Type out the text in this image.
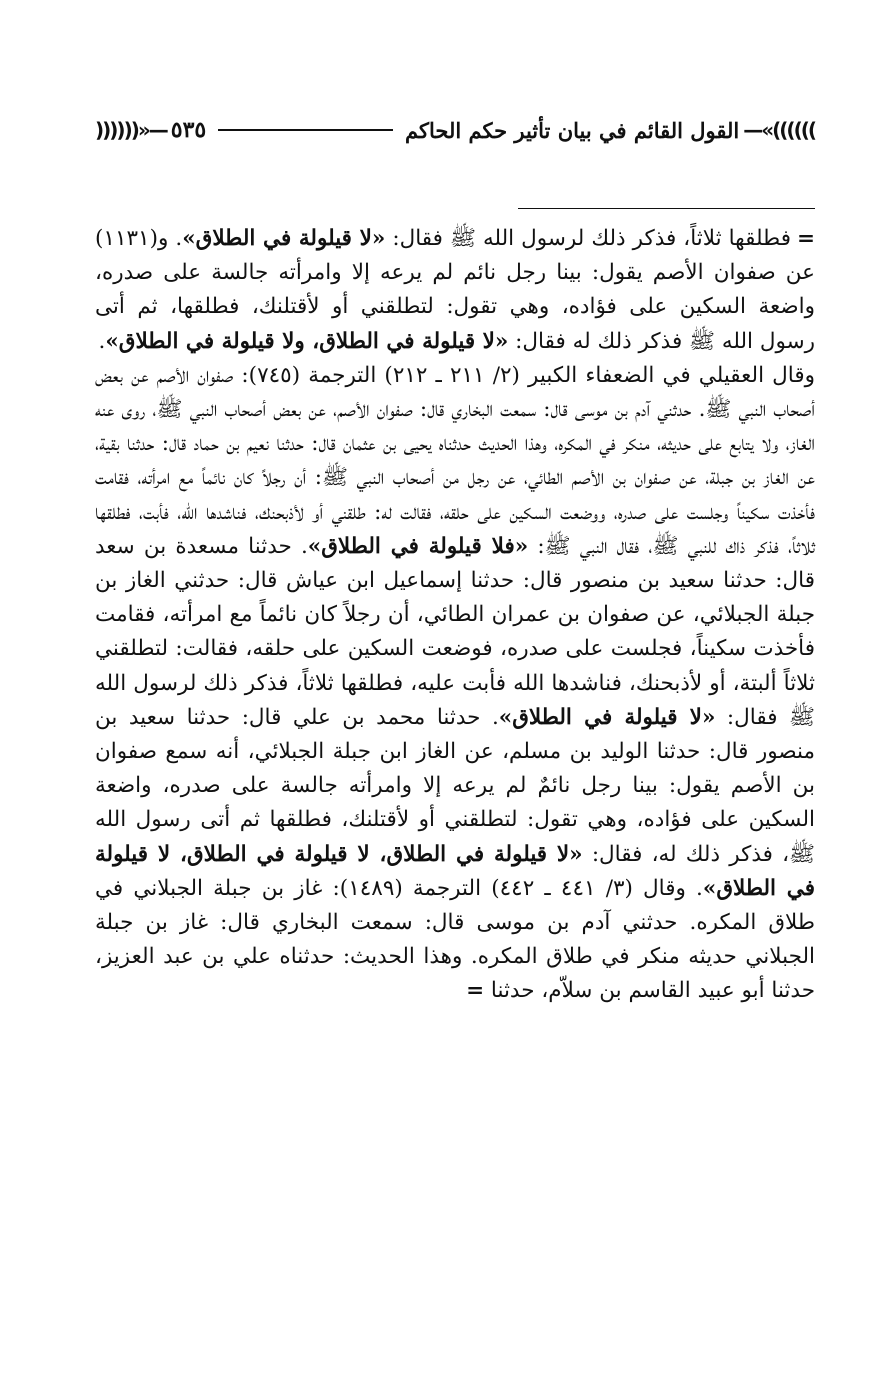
))))))»—
القول القائم في بيان تأثير حكم الحاكم
٥٣٥
—«((((((

=فطلقها ثلاثاً، فذكر ذلك لرسول الله ﷺ فقال: «لا قيلولة في الطلاق». و(١١٣١) عن صفوان الأصم يقول: بينا رجل نائم لم يرعه إلا وامرأته جالسة على صدره، واضعة السكين على فؤاده، وهي تقول: لتطلقني أو لأقتلنك، فطلقها، ثم أتى رسول الله ﷺ فذكر ذلك له فقال: «لا قيلولة في الطلاق، ولا قيلولة في الطلاق».

وقال العقيلي في الضعفاء الكبير (٢/ ٢١١ ـ ٢١٢) الترجمة (٧٤٥): صفوان الأصم عن بعض أصحاب النبي ﷺ. حدثني آدم بن موسى قال: سمعت البخاري قال: صفوان الأصم، عن بعض أصحاب النبي ﷺ، روى عنه الغاز، ولا يتابع على حديثه، منكر في المكره، وهذا الحديث حدثناه يحيى بن عثمان قال: حدثنا نعيم بن حماد قال: حدثنا بقية، عن الغاز بن جبلة، عن صفوان بن الأصم الطائي، عن رجل من أصحاب النبي ﷺ: أن رجلاً كان نائماً مع امرأته، فقامت فأخذت سكيناً وجلست على صدره، ووضعت السكين على حلقه، فقالت له: طلقني أو لأذبحنك، فناشدها الله، فأبت، فطلقها ثلاثاً، فذكر ذاك للنبي ﷺ، فقال النبي ﷺ: «فلا قيلولة في الطلاق». حدثنا مسعدة بن سعد قال: حدثنا سعيد بن منصور قال: حدثنا إسماعيل ابن عياش قال: حدثني الغاز بن جبلة الجبلائي، عن صفوان بن عمران الطائي، أن رجلاً كان نائماً مع امرأته، فقامت فأخذت سكيناً، فجلست على صدره، فوضعت السكين على حلقه، فقالت: لتطلقني ثلاثاً ألبتة، أو لأذبحنك، فناشدها الله فأبت عليه، فطلقها ثلاثاً، فذكر ذلك لرسول الله ﷺ فقال: «لا قيلولة في الطلاق». حدثنا محمد بن علي قال: حدثنا سعيد بن منصور قال: حدثنا الوليد بن مسلم، عن الغاز ابن جبلة الجبلائي، أنه سمع صفوان بن الأصم يقول: بينا رجل نائمٌ لم يرعه إلا وامرأته جالسة على صدره، واضعة السكين على فؤاده، وهي تقول: لتطلقني أو لأقتلنك، فطلقها ثم أتى رسول الله ﷺ، فذكر ذلك له، فقال: «لا قيلولة في الطلاق، لا قيلولة في الطلاق، لا قيلولة في الطلاق». وقال (٣/ ٤٤١ ـ ٤٤٢) الترجمة (١٤٨٩): غاز بن جبلة الجبلاني في طلاق المكره. حدثني آدم بن موسى قال: سمعت البخاري قال: غاز بن جبلة الجبلاني حديثه منكر في طلاق المكره. وهذا الحديث: حدثناه علي بن عبد العزيز، حدثنا أبو عبيد القاسم بن سلاّم، حدثنا =
